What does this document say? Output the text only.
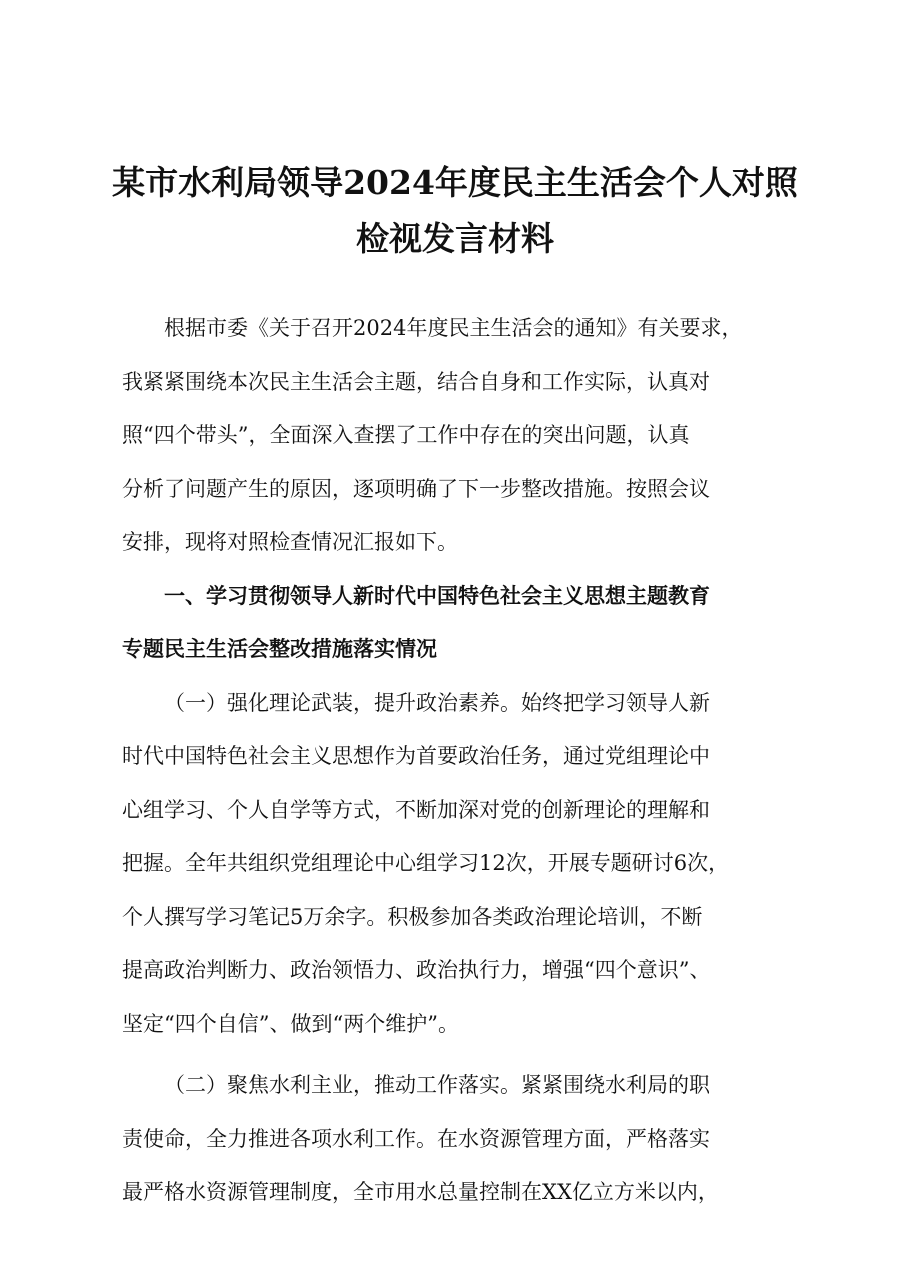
某市水利局领导2024年度民主生活会个人对照
检视发言材料
根据市委《关于召开2024年度民主生活会的通知》有关要求，
我紧紧围绕本次民主生活会主题，结合自身和工作实际，认真对
照“四个带头”，全面深入查摆了工作中存在的突出问题，认真
分析了问题产生的原因，逐项明确了下一步整改措施。按照会议
安排，现将对照检查情况汇报如下。
一、学习贯彻领导人新时代中国特色社会主义思想主题教育
专题民主生活会整改措施落实情况
（一）强化理论武装，提升政治素养。始终把学习领导人新
时代中国特色社会主义思想作为首要政治任务，通过党组理论中
心组学习、个人自学等方式，不断加深对党的创新理论的理解和
把握。全年共组织党组理论中心组学习12次，开展专题研讨6次，
个人撰写学习笔记5万余字。积极参加各类政治理论培训，不断
提高政治判断力、政治领悟力、政治执行力，增强“四个意识”、
坚定“四个自信”、做到“两个维护”。
（二）聚焦水利主业，推动工作落实。紧紧围绕水利局的职
责使命，全力推进各项水利工作。在水资源管理方面，严格落实
最严格水资源管理制度，全市用水总量控制在XX亿立方米以内，
